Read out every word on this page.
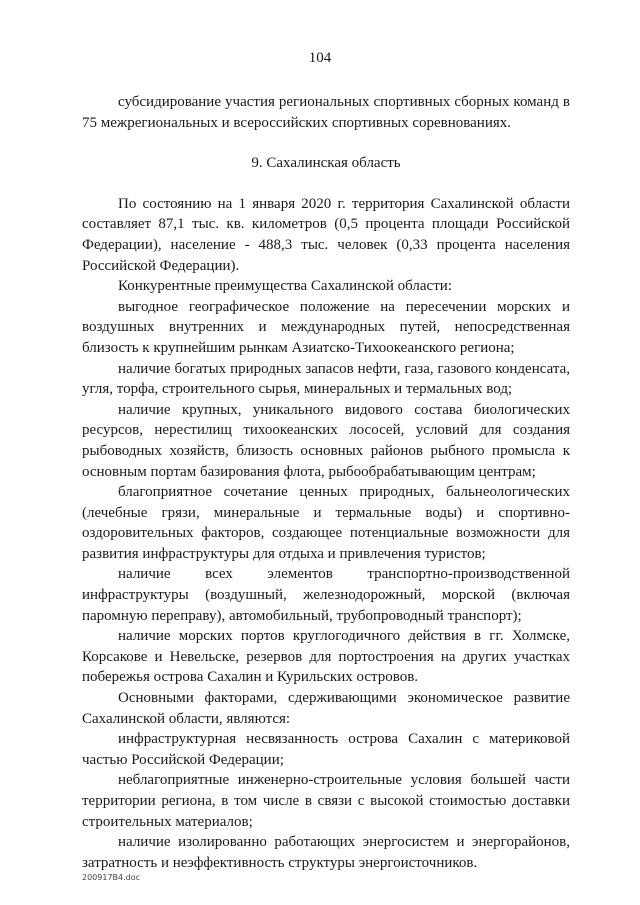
104

субсидирование участия региональных спортивных сборных команд в 75 межрегиональных и всероссийских спортивных соревнованиях.

9. Сахалинская область

По состоянию на 1 января 2020 г. территория Сахалинской области составляет 87,1 тыс. кв. километров (0,5 процента площади Российской Федерации), население - 488,3 тыс. человек (0,33 процента населения Российской Федерации).

Конкурентные преимущества Сахалинской области:

выгодное географическое положение на пересечении морских и воздушных внутренних и международных путей, непосредственная близость к крупнейшим рынкам Азиатско-Тихоокеанского региона;

наличие богатых природных запасов нефти, газа, газового конденсата, угля, торфа, строительного сырья, минеральных и термальных вод;

наличие крупных, уникального видового состава биологических ресурсов, нерестилищ тихоокеанских лососей, условий для создания рыбоводных хозяйств, близость основных районов рыбного промысла к основным портам базирования флота, рыбообрабатывающим центрам;

благоприятное сочетание ценных природных, бальнеологических (лечебные грязи, минеральные и термальные воды) и спортивно-оздоровительных факторов, создающее потенциальные возможности для развития инфраструктуры для отдыха и привлечения туристов;

наличие всех элементов транспортно-производственной инфраструктуры (воздушный, железнодорожный, морской (включая паромную переправу), автомобильный, трубопроводный транспорт);

наличие морских портов круглогодичного действия в гг. Холмске, Корсакове и Невельске, резервов для портостроения на других участках побережья острова Сахалин и Курильских островов.

Основными факторами, сдерживающими экономическое развитие Сахалинской области, являются:

инфраструктурная несвязанность острова Сахалин с материковой частью Российской Федерации;

неблагоприятные инженерно-строительные условия большей части территории региона, в том числе в связи с высокой стоимостью доставки строительных материалов;

наличие изолированно работающих энергосистем и энергорайонов, затратность и неэффективность структуры энергоисточников.

200917В4.doc
